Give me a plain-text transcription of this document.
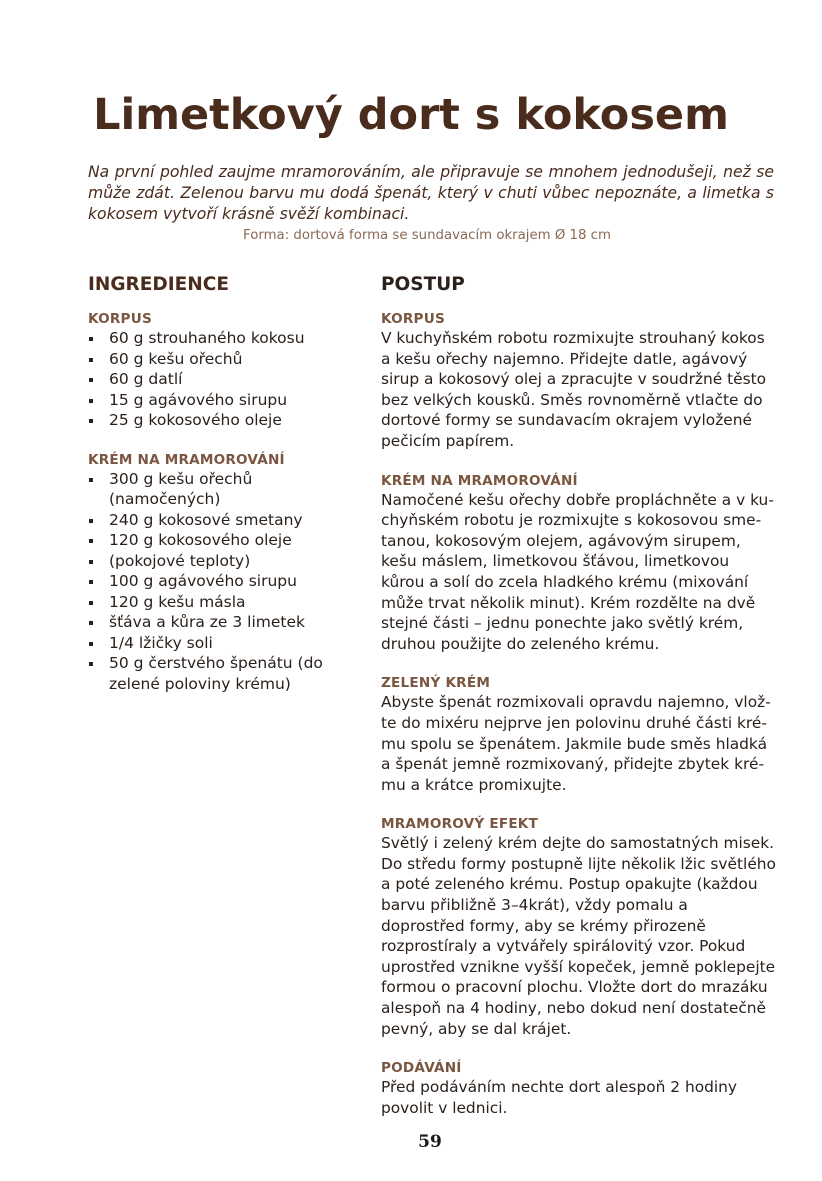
Limetkový dort s kokosem

Na první pohled zaujme mramorováním, ale připravuje se mnohem jednodušeji, než se může zdát. Zelenou barvu mu dodá špenát, který v chuti vůbec nepoznáte, a limetka s kokosem vytvoří krásně svěží kombinaci.

Forma: dortová forma se sundavacím okrajem Ø 18 cm
INGREDIENCE
KORPUS
60 g strouhaného kokosu
60 g kešu ořechů
60 g datlí
15 g agávového sirupu
25 g kokosového oleje
KRÉM NA MRAMOROVÁNÍ
300 g kešu ořechů (namočených)
240 g kokosové smetany
120 g kokosového oleje
(pokojové teploty)
100 g agávového sirupu
120 g kešu másla
šťáva a kůra ze 3 limetek
1/4 lžičky soli
50 g čerstvého špenátu (do zelené poloviny krému)
POSTUP
KORPUS

V kuchyňském robotu rozmixujte strouhaný kokos a kešu ořechy najemno. Přidejte datle, agávový sirup a kokosový olej a zpracujte v soudržné těsto bez velkých kousků. Směs rovnoměrně vtlačte do dortové formy se sundavacím okrajem vyložené pečicím papírem.

KRÉM NA MRAMOROVÁNÍ

Namočené kešu ořechy dobře propláchněte a v kuchyňském robotu je rozmixujte s kokosovou smetanou, kokosovým olejem, agávovým sirupem, kešu máslem, limetkovou šťávou, limetkovou kůrou a solí do zcela hladkého krému (mixování může trvat několik minut). Krém rozdělte na dvě stejné části – jednu ponechte jako světlý krém, druhou použijte do zeleného krému.

ZELENÝ KRÉM

Abyste špenát rozmixovali opravdu najemno, vložte do mixéru nejprve jen polovinu druhé části krému spolu se špenátem. Jakmile bude směs hladká a špenát jemně rozmixovaný, přidejte zbytek krému a krátce promixujte.

MRAMOROVÝ EFEKT

Světlý i zelený krém dejte do samostatných misek. Do středu formy postupně lijte několik lžic světlého a poté zeleného krému. Postup opakujte (každou barvu přibližně 3–4krát), vždy pomalu a doprostřed formy, aby se krémy přirozeně rozprostíraly a vytvářely spirálovitý vzor. Pokud uprostřed vznikne vyšší kopeček, jemně poklepejte formou o pracovní plochu. Vložte dort do mrazáku alespoň na 4 hodiny, nebo dokud není dostatečně pevný, aby se dal krájet.

PODÁVÁNÍ

Před podáváním nechte dort alespoň 2 hodiny povolit v lednici.

59
